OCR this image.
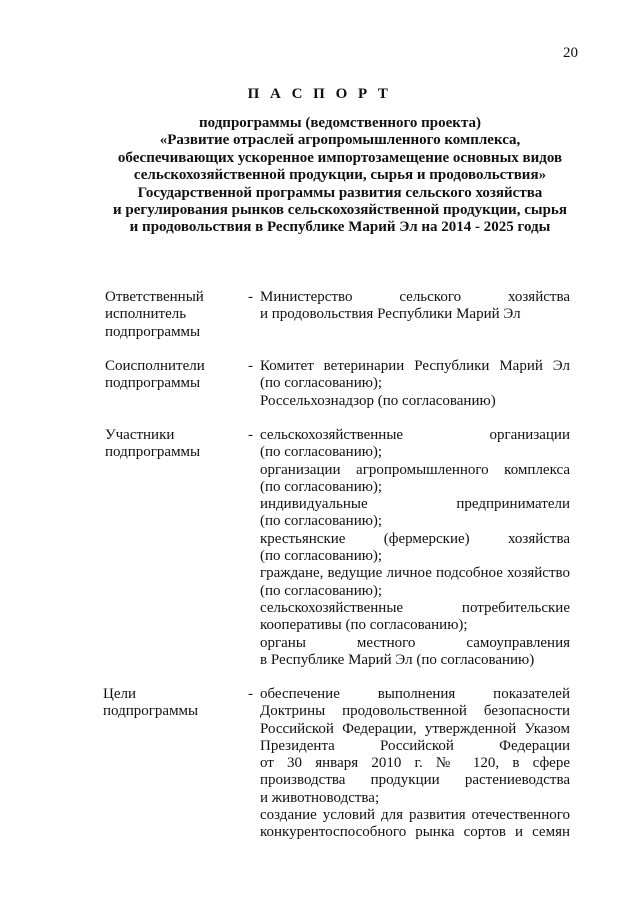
20
П А С П О Р Т
подпрограммы (ведомственного проекта)
«Развитие отраслей агропромышленного комплекса,
обеспечивающих ускоренное импортозамещение основных видов
сельскохозяйственной продукции, сырья и продовольствия»
Государственной программы развития сельского хозяйства
и регулирования рынков сельскохозяйственной продукции, сырья
и продовольствия в Республике Марий Эл на 2014 - 2025 годы
Ответственный
исполнитель
подпрограммы
- Министерство сельского хозяйства
и продовольствия Республики Марий Эл
Соисполнители
подпрограммы
- Комитет ветеринарии Республики Марий Эл
(по согласованию);
Россельхознадзор (по согласованию)
Участники
подпрограммы
- сельскохозяйственные организации
(по согласованию);
организации агропромышленного комплекса
(по согласованию);
индивидуальные предприниматели
(по согласованию);
крестьянские (фермерские) хозяйства
(по согласованию);
граждане, ведущие личное подсобное хозяйство
(по согласованию);
сельскохозяйственные потребительские
кооперативы (по согласованию);
органы местного самоуправления
в Республике Марий Эл (по согласованию)
Цели
подпрограммы
- обеспечение выполнения показателей
Доктрины продовольственной безопасности
Российской Федерации, утвержденной Указом
Президента Российской Федерации
от 30 января 2010 г. № 120, в сфере
производства продукции растениеводства
и животноводства;
создание условий для развития отечественного
конкурентоспособного рынка сортов и семян
